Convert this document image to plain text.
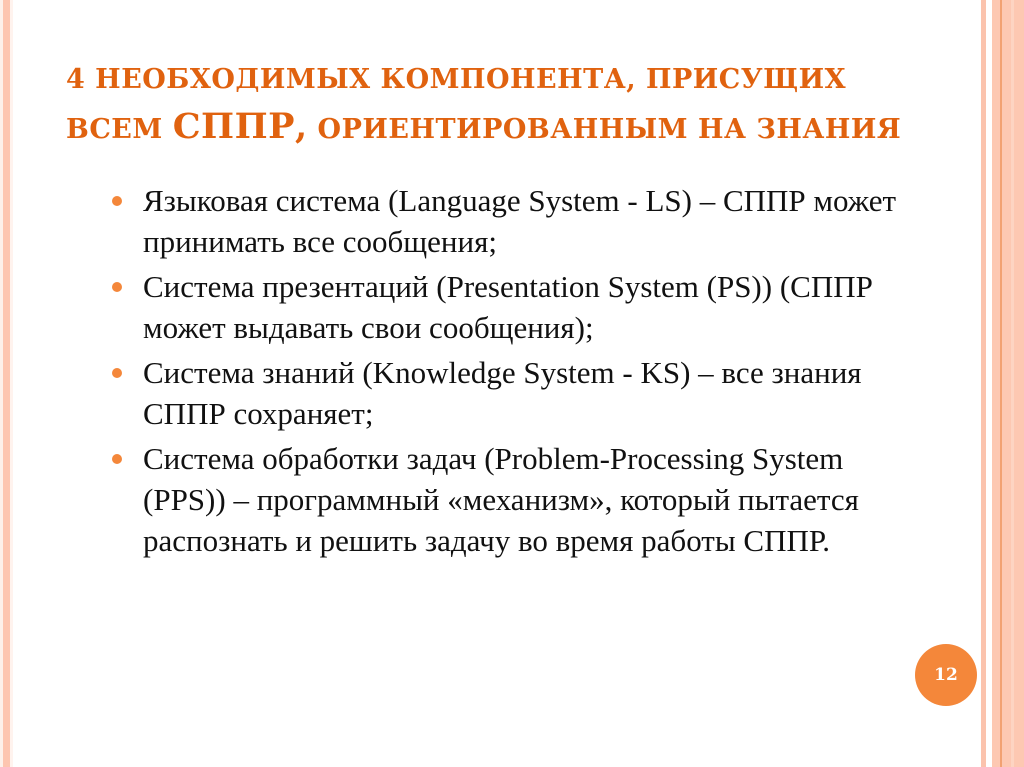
4 НЕОБХОДИМЫХ КОМПОНЕНТА, ПРИСУЩИХ
ВСЕМ СППР, ОРИЕНТИРОВАННЫМ НА ЗНАНИЯ
Языковая система (Language System - LS) – СППР может принимать все сообщения;
Система презентаций (Presentation System (PS)) (СППР может выдавать свои сообщения);
Система знаний (Knowledge System - KS) – все знания СППР сохраняет;
Система обработки задач (Problem-Processing System (PPS)) – программный «механизм», который пытается распознать и решить задачу во время работы СППР.
12
